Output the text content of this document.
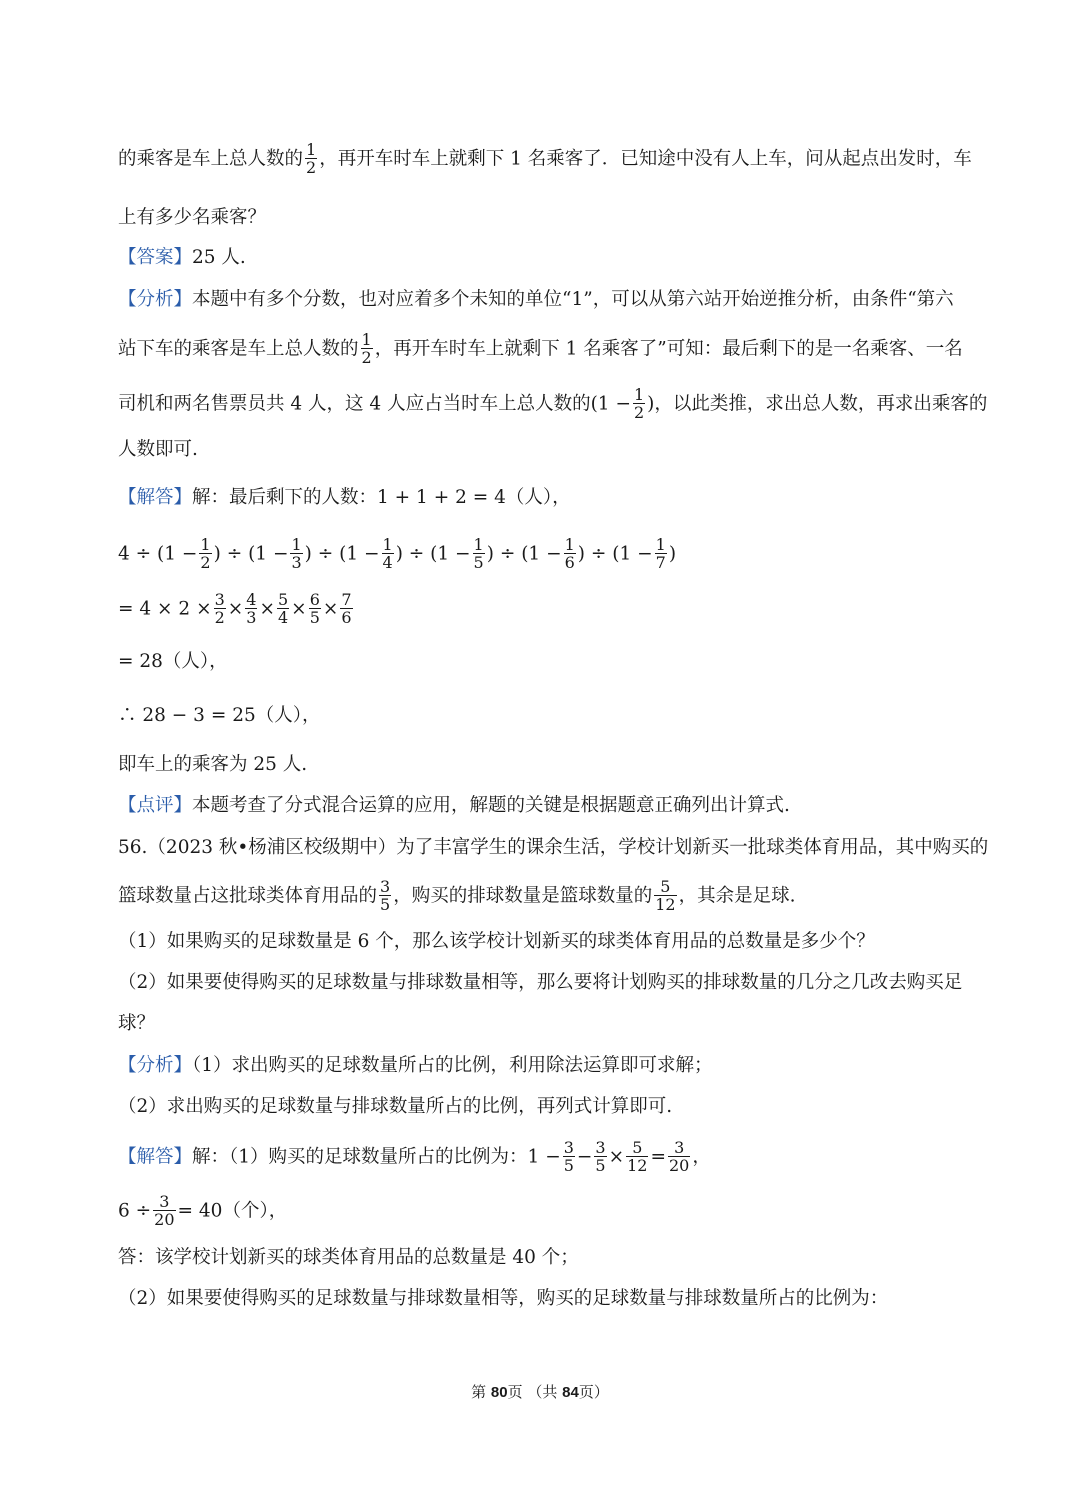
的乘客是车上总人数的 $\frac{1}{2}$ ，再开车时车上就剩下 1 名乘客了．已知途中没有人上车，问从起点出发时，车
上有多少名乘客？
【答案】25 人.
【分析】本题中有多个分数，也对应着多个未知的单位“1”，可以从第六站开始逆推分析，由条件“第六
站下车的乘客是车上总人数的 $\frac{1}{2}$ ，再开车时车上就剩下 1 名乘客了”可知：最后剩下的是一名乘客、一名
司机和两名售票员共 4 人，这 4 人应占当时车上总人数的($1 - \frac{1}{2}$ )，以此类推，求出总人数，再求出乘客的
人数即可.
【解答】解：最后剩下的人数：1 + 1 + 2 = 4（人），
$4 \div (1 - \frac{1}{2}$ ) ÷ ($1 - \frac{1}{3}$ ) ÷ ($1 - \frac{1}{4}$ ) ÷ ($1 - \frac{1}{5}$ ) ÷ ($1 - \frac{1}{6}$ ) ÷ ($1 - \frac{1}{7}$ )
= $4 \times 2 \times \frac{3}{2} \times \frac{4}{3} \times \frac{5}{4} \times \frac{6}{5} \times \frac{7}{6}$
= 28（人），
∴ 28 − 3 = 25（人），
即车上的乘客为 25 人.
【点评】本题考查了分式混合运算的应用，解题的关键是根据题意正确列出计算式.
56.（2023 秋•杨浦区校级期中）为了丰富学生的课余生活，学校计划新买一批球类体育用品，其中购买的
篮球数量占这批球类体育用品的 $\frac{3}{5}$ ，购买的排球数量是篮球数量的 $\frac{5}{12}$ ，其余是足球.
（1）如果购买的足球数量是 6 个，那么该学校计划新买的球类体育用品的总数量是多少个？
（2）如果要使得购买的足球数量与排球数量相等，那么要将计划购买的排球数量的几分之几改去购买足
球？
【分析】（1）求出购买的足球数量所占的比例，利用除法运算即可求解；
（2）求出购买的足球数量与排球数量所占的比例，再列式计算即可.
【解答】解：（1）购买的足球数量所占的比例为：$1 - \frac{3}{5} - \frac{3}{5} \times \frac{5}{12} = \frac{3}{20}$ ，
$6 \div \frac{3}{20} = 40$（个），
答：该学校计划新买的球类体育用品的总数量是 40 个；
（2）如果要使得购买的足球数量与排球数量相等，购买的足球数量与排球数量所占的比例为：
第 80页 （共 84页）
